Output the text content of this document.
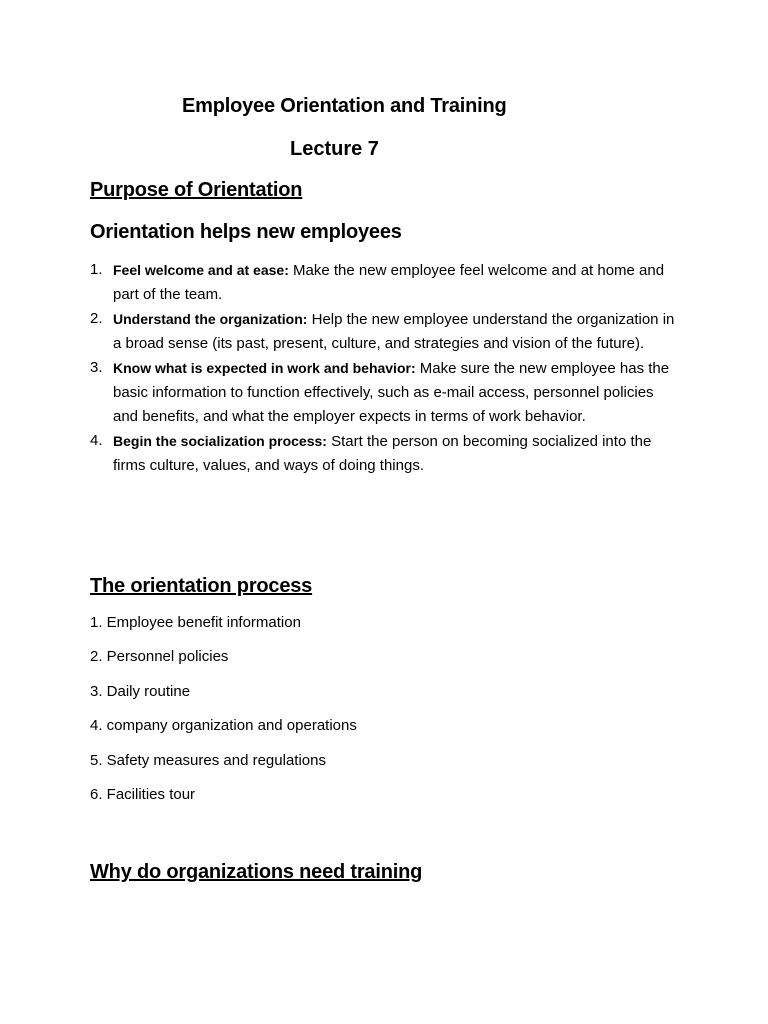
Employee Orientation and Training
Lecture 7
Purpose of Orientation
Orientation helps new employees
1. Feel welcome and at ease: Make the new employee feel welcome and at home and part of the team.
2. Understand the organization: Help the new employee understand the organization in a broad sense (its past, present, culture, and strategies and vision of the future).
3. Know what is expected in work and behavior: Make sure the new employee has the basic information to function effectively, such as e-mail access, personnel policies and benefits, and what the employer expects in terms of work behavior.
4. Begin the socialization process: Start the person on becoming socialized into the firms culture, values, and ways of doing things.
The orientation process
1. Employee benefit information
2. Personnel policies
3. Daily routine
4. company organization and operations
5. Safety measures and regulations
6. Facilities tour
Why do organizations need training
